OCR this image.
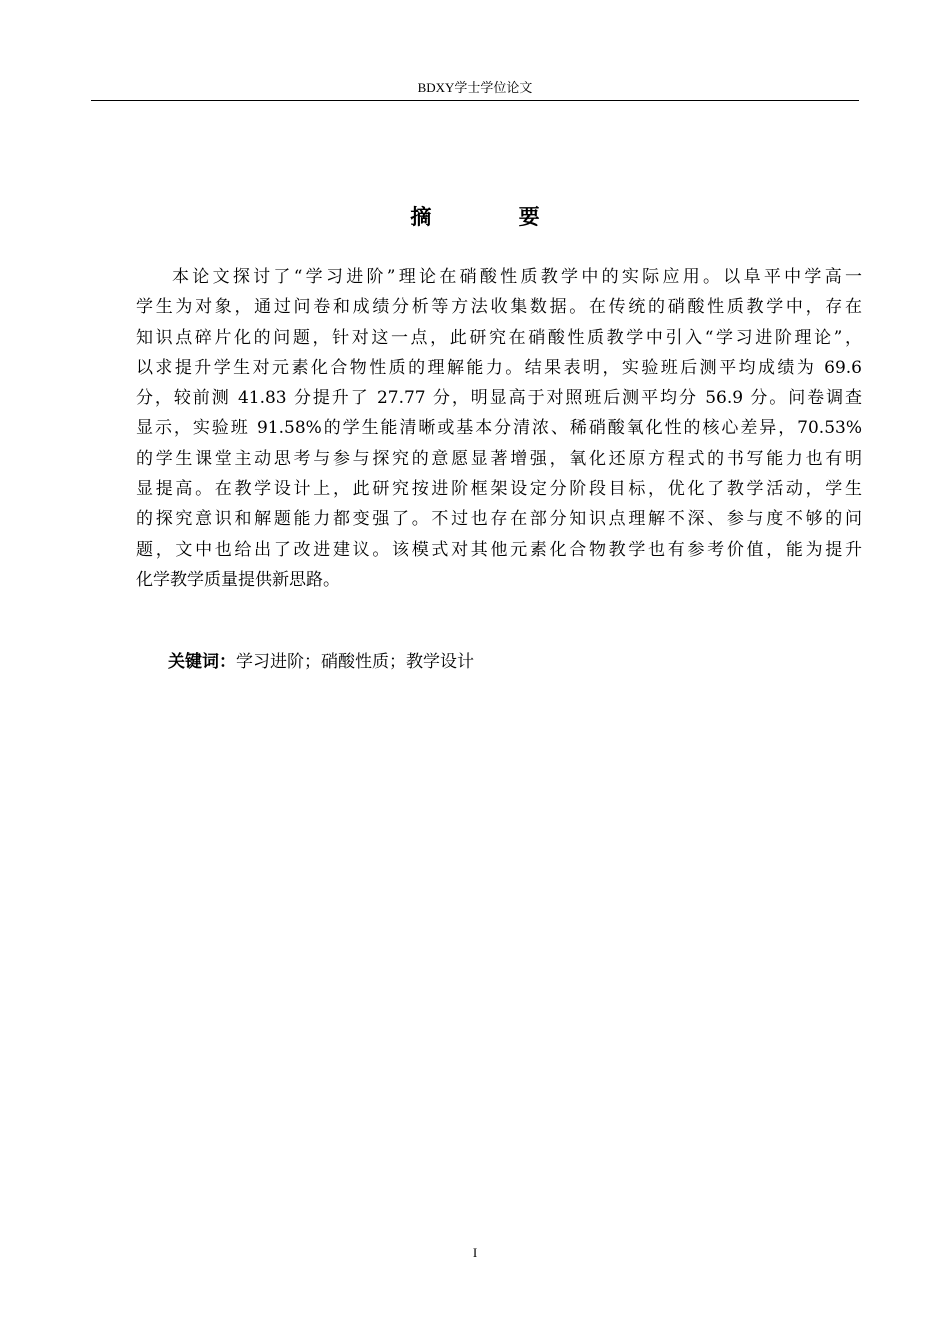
BDXY学士学位论文
摘 要
本论文探讨了“学习进阶”理论在硝酸性质教学中的实际应用。以阜平中学高一
学生为对象，通过问卷和成绩分析等方法收集数据。在传统的硝酸性质教学中，存在
知识点碎片化的问题，针对这一点，此研究在硝酸性质教学中引入“学习进阶理论”，
以求提升学生对元素化合物性质的理解能力。结果表明，实验班后测平均成绩为 69.6
分，较前测 41.83 分提升了 27.77 分，明显高于对照班后测平均分 56.9 分。问卷调查
显示，实验班 91.58%的学生能清晰或基本分清浓、稀硝酸氧化性的核心差异，70.53%
的学生课堂主动思考与参与探究的意愿显著增强，氧化还原方程式的书写能力也有明
显提高。在教学设计上，此研究按进阶框架设定分阶段目标，优化了教学活动，学生
的探究意识和解题能力都变强了。不过也存在部分知识点理解不深、参与度不够的问
题，文中也给出了改进建议。该模式对其他元素化合物教学也有参考价值，能为提升
化学教学质量提供新思路。
关键词：学习进阶；硝酸性质；教学设计
I
